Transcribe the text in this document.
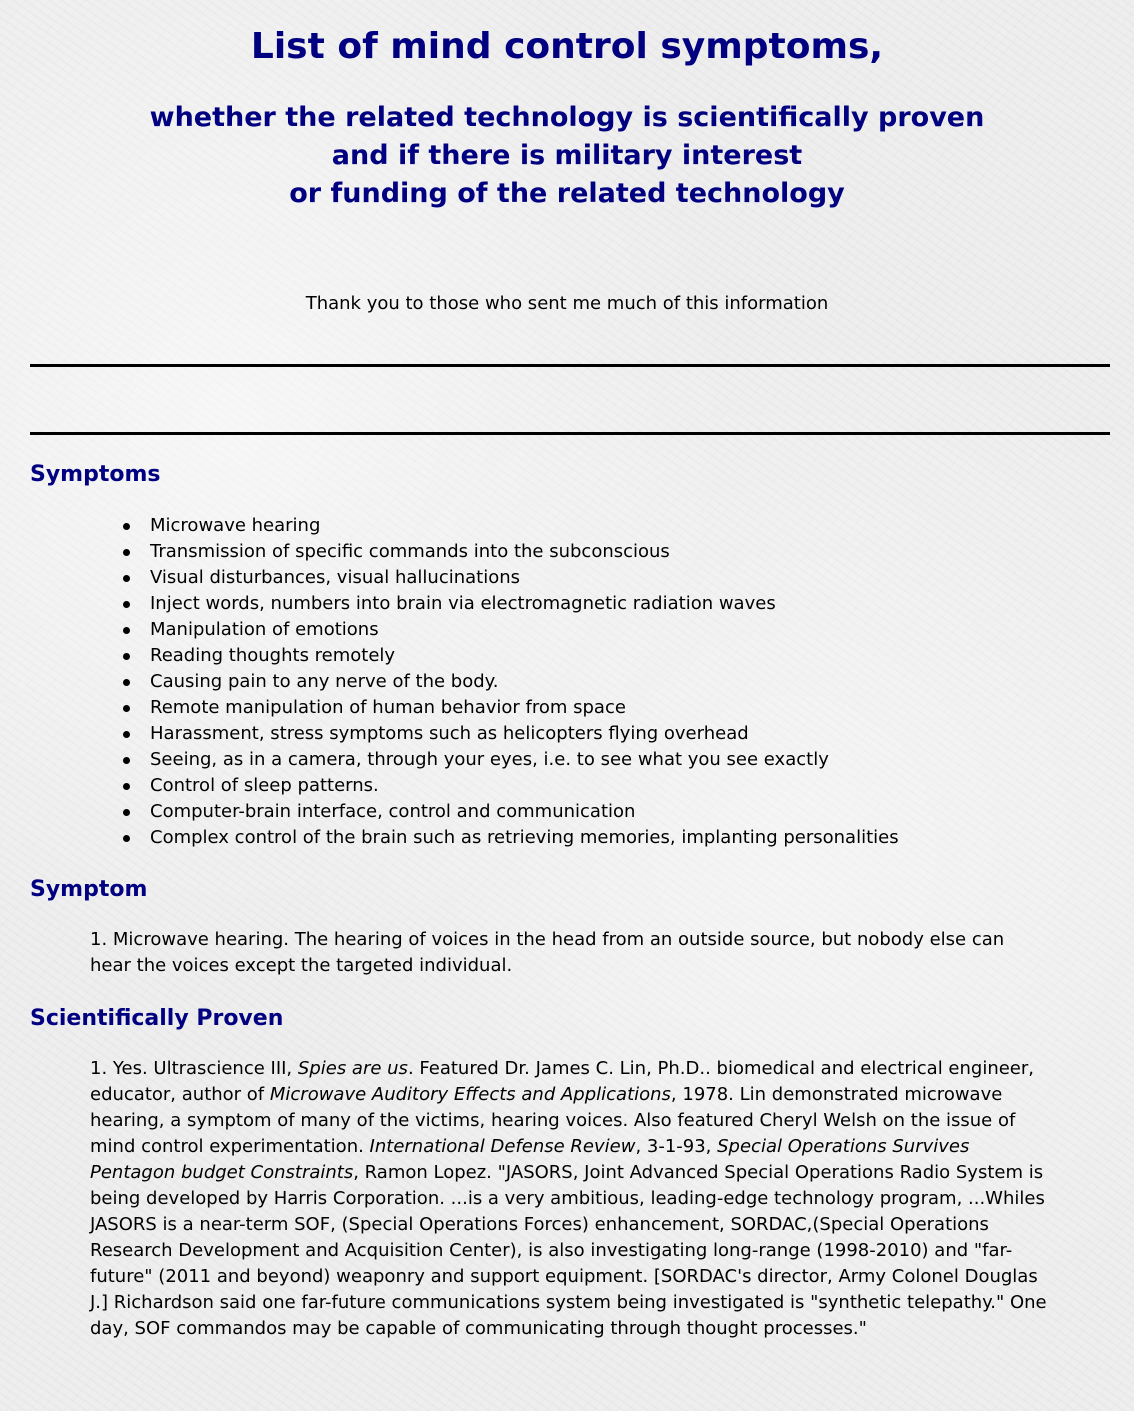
List of mind control symptoms,
whether the related technology is scientifically proven
and if there is military interest
or funding of the related technology

Thank you to those who sent me much of this information

Symptoms
Microwave hearing
Transmission of specific commands into the subconscious
Visual disturbances, visual hallucinations
Inject words, numbers into brain via electromagnetic radiation waves
Manipulation of emotions
Reading thoughts remotely
Causing pain to any nerve of the body.
Remote manipulation of human behavior from space
Harassment, stress symptoms such as helicopters flying overhead
Seeing, as in a camera, through your eyes, i.e. to see what you see exactly
Control of sleep patterns.
Computer-brain interface, control and communication
Complex control of the brain such as retrieving memories, implanting personalities
Symptom

1. Microwave hearing. The hearing of voices in the head from an outside source, but nobody else can hear the voices except the targeted individual.

Scientifically Proven

1. Yes. Ultrascience III, Spies are us. Featured Dr. James C. Lin, Ph.D.. biomedical and electrical engineer, educator, author of Microwave Auditory Effects and Applications, 1978. Lin demonstrated microwave hearing, a symptom of many of the victims, hearing voices. Also featured Cheryl Welsh on the issue of mind control experimentation. International Defense Review, 3-1-93, Special Operations Survives Pentagon budget Constraints, Ramon Lopez. "JASORS, Joint Advanced Special Operations Radio System is being developed by Harris Corporation. ...is a very ambitious, leading-edge technology program, ...Whiles JASORS is a near-term SOF, (Special Operations Forces) enhancement, SORDAC,(Special Operations Research Development and Acquisition Center), is also investigating long-range (1998-2010) and "far-future" (2011 and beyond) weaponry and support equipment. [SORDAC's director, Army Colonel Douglas J.] Richardson said one far-future communications system being investigated is "synthetic telepathy." One day, SOF commandos may be capable of communicating through thought processes."
